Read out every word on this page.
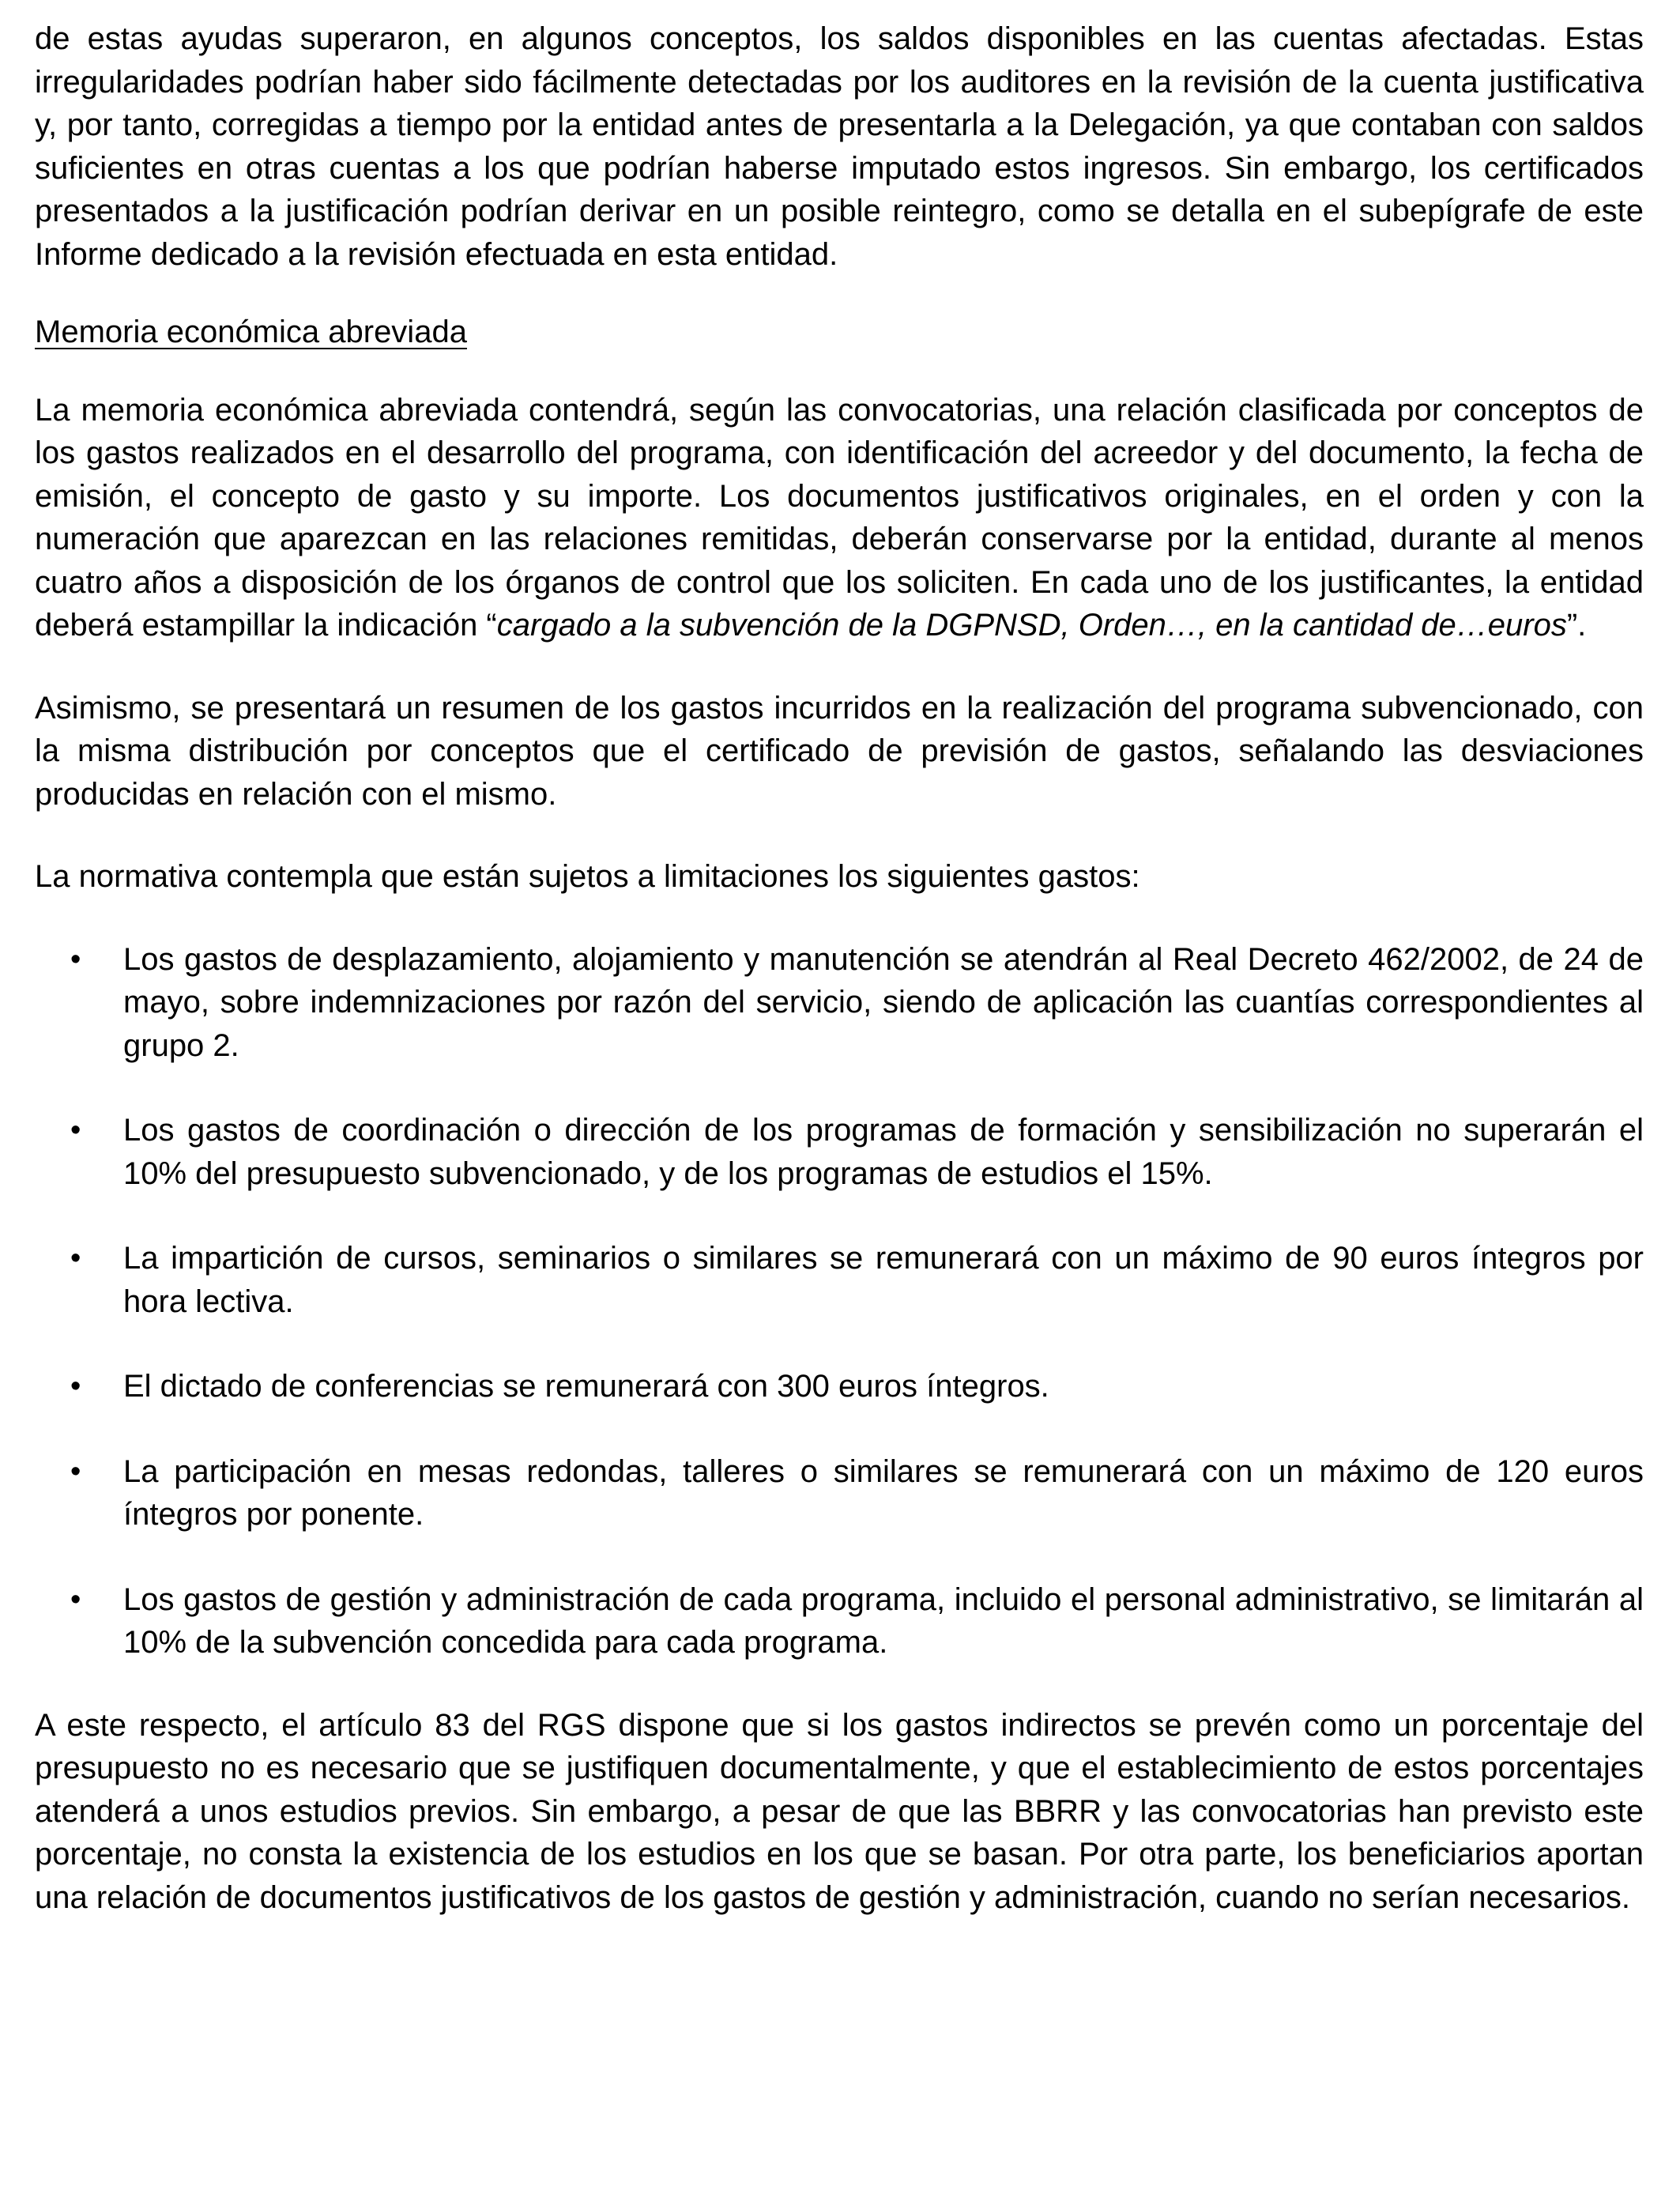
de estas ayudas superaron, en algunos conceptos, los saldos disponibles en las cuentas afectadas. Estas irregularidades podrían haber sido fácilmente detectadas por los auditores en la revisión de la cuenta justificativa y, por tanto, corregidas a tiempo por la entidad antes de presentarla a la Delegación, ya que contaban con saldos suficientes en otras cuentas a los que podrían haberse imputado estos ingresos. Sin embargo, los certificados presentados a la justificación podrían derivar en un posible reintegro, como se detalla en el subepígrafe de este Informe dedicado a la revisión efectuada en esta entidad.

Memoria económica abreviada

La memoria económica abreviada contendrá, según las convocatorias, una relación clasificada por conceptos de los gastos realizados en el desarrollo del programa, con identificación del acreedor y del documento, la fecha de emisión, el concepto de gasto y su importe. Los documentos justificativos originales, en el orden y con la numeración que aparezcan en las relaciones remitidas, deberán conservarse por la entidad, durante al menos cuatro años a disposición de los órganos de control que los soliciten. En cada uno de los justificantes, la entidad deberá estampillar la indicación “cargado a la subvención de la DGPNSD, Orden…, en la cantidad de…euros”.

Asimismo, se presentará un resumen de los gastos incurridos en la realización del programa subvencionado, con la misma distribución por conceptos que el certificado de previsión de gastos, señalando las desviaciones producidas en relación con el mismo.

La normativa contempla que están sujetos a limitaciones los siguientes gastos:

• Los gastos de desplazamiento, alojamiento y manutención se atendrán al Real Decreto 462/2002, de 24 de mayo, sobre indemnizaciones por razón del servicio, siendo de aplicación las cuantías correspondientes al grupo 2.
• Los gastos de coordinación o dirección de los programas de formación y sensibilización no superarán el 10% del presupuesto subvencionado, y de los programas de estudios el 15%.
• La impartición de cursos, seminarios o similares se remunerará con un máximo de 90 euros íntegros por hora lectiva.
• El dictado de conferencias se remunerará con 300 euros íntegros.
• La participación en mesas redondas, talleres o similares se remunerará con un máximo de 120 euros íntegros por ponente.
• Los gastos de gestión y administración de cada programa, incluido el personal administrativo, se limitarán al 10% de la subvención concedida para cada programa.

A este respecto, el artículo 83 del RGS dispone que si los gastos indirectos se prevén como un porcentaje del presupuesto no es necesario que se justifiquen documentalmente, y que el establecimiento de estos porcentajes atenderá a unos estudios previos. Sin embargo, a pesar de que las BBRR y las convocatorias han previsto este porcentaje, no consta la existencia de los estudios en los que se basan. Por otra parte, los beneficiarios aportan una relación de documentos justificativos de los gastos de gestión y administración, cuando no serían necesarios.
